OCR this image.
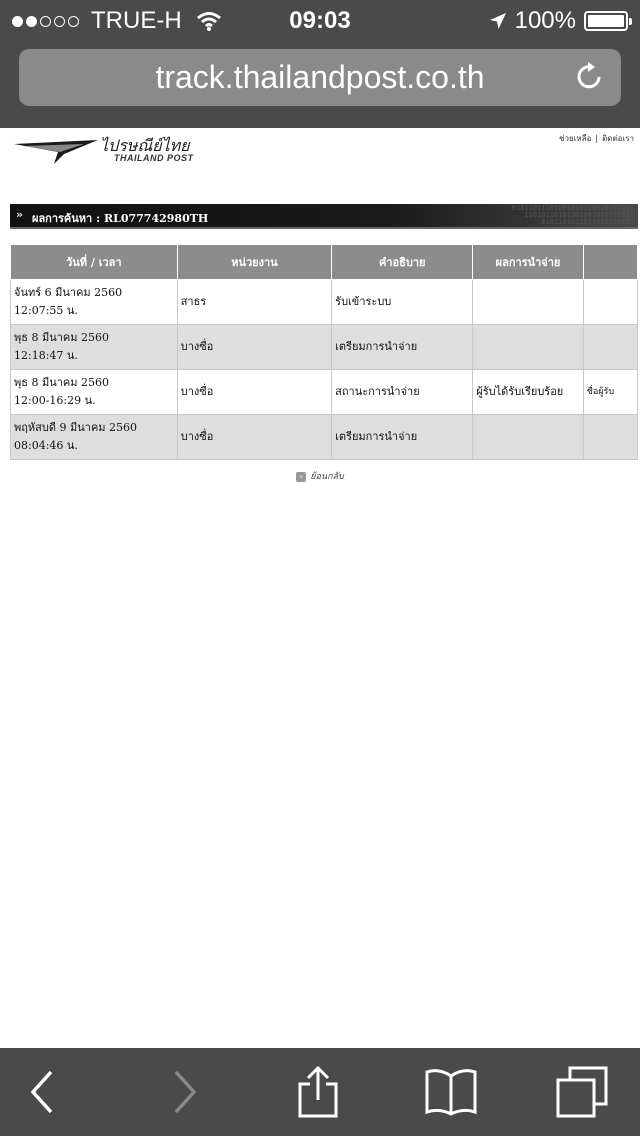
TRUE-H	09:03	100%
track.thailandpost.co.th
ไปรษณีย์ไทย
THAILAND POST
ช่วยเหลือ | ติดต่อเรา
01011011101001010110110101011 11010110101101001010011010 0101101011011010110101
» ผลการค้นหา : RL077742980TH
วันที่ / เวลา	หน่วยงาน	คำอธิบาย	ผลการนำจ่าย	
จันทร์ 6 มีนาคม 2560
12:07:55 น.	สาธร	รับเข้าระบบ		
พุธ 8 มีนาคม 2560
12:18:47 น.	บางซื่อ	เตรียมการนำจ่าย		
พุธ 8 มีนาคม 2560
12:00-16:29 น.	บางซื่อ	สถานะการนำจ่าย	ผู้รับได้รับเรียบร้อย	ชื่อผู้รับ
พฤหัสบดี 9 มีนาคม 2560
08:04:46 น.	บางซื่อ	เตรียมการนำจ่าย		
‹ ย้อนกลับ
